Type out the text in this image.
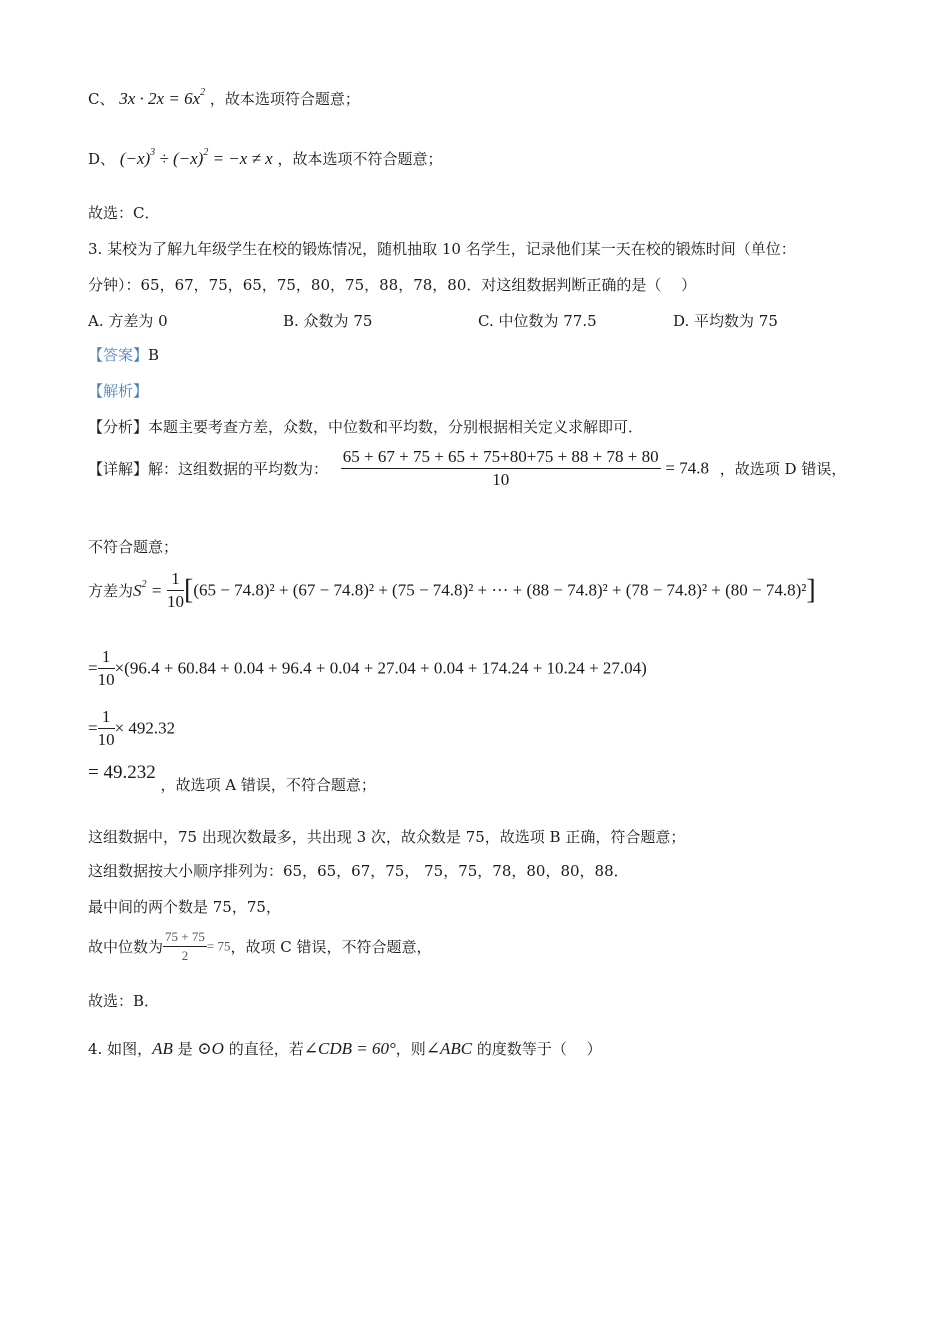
C、 $3x \cdot 2x = 6x^2$ ，故本选项符合题意；
D、 $(-x)^3 \div (-x)^2 = -x \ne x$ ，故本选项不符合题意；
故选：C．
3. 某校为了解九年级学生在校的锻炼情况，随机抽取 10 名学生，记录他们某一天在校的锻炼时间（单位：
分钟）：65，67，75，65，75，80，75，88，78，80．对这组数据判断正确的是（　 ）
A. 方差为 0	B. 众数为 75	C. 中位数为 77.5	D. 平均数为 75
【答案】B
【解析】
【分析】本题主要考查方差，众数，中位数和平均数，分别根据相关定义求解即可．
【详解】解：这组数据的平均数为： $\frac{65 + 67 + 75 + 65 + 75+80+75 + 88 + 78 + 80}{10} = 74.8$ ，故选项 D 错误，
不符合题意；
方差为$S^2 = \frac{1}{10} [(65 - 74.8)^2 + (67 - 74.8)^2 + (75 - 74.8)^2$ + ··· + (88 − 74.8)² + (78 − 74.8)² + (80 − 74.8)²]
= $\frac{1}{10} \times(96.4 + 60.84 + 0.04 + 96.4 + 0.04 + 27.04 + 0.04 + 174.24 + 10.24 + 27.04)$
= $\frac{1}{10} \times 492.32$
= 49.232 ，故选项 A 错误，不符合题意；
这组数据中，75 出现次数最多，共出现 3 次，故众数是 75，故选项 B 正确，符合题意；
这组数据按大小顺序排列为：65，65，67，75， 75，75，78，80，80，88．
最中间的两个数是 75，75，
故中位数为 $\frac{75 + 75}{2} = 75$，故项 C 错误，不符合题意，
故选：B．
4. 如图，AB 是 ⊙O 的直径，若∠CDB = 60°，则∠ABC 的度数等于（　 ）
